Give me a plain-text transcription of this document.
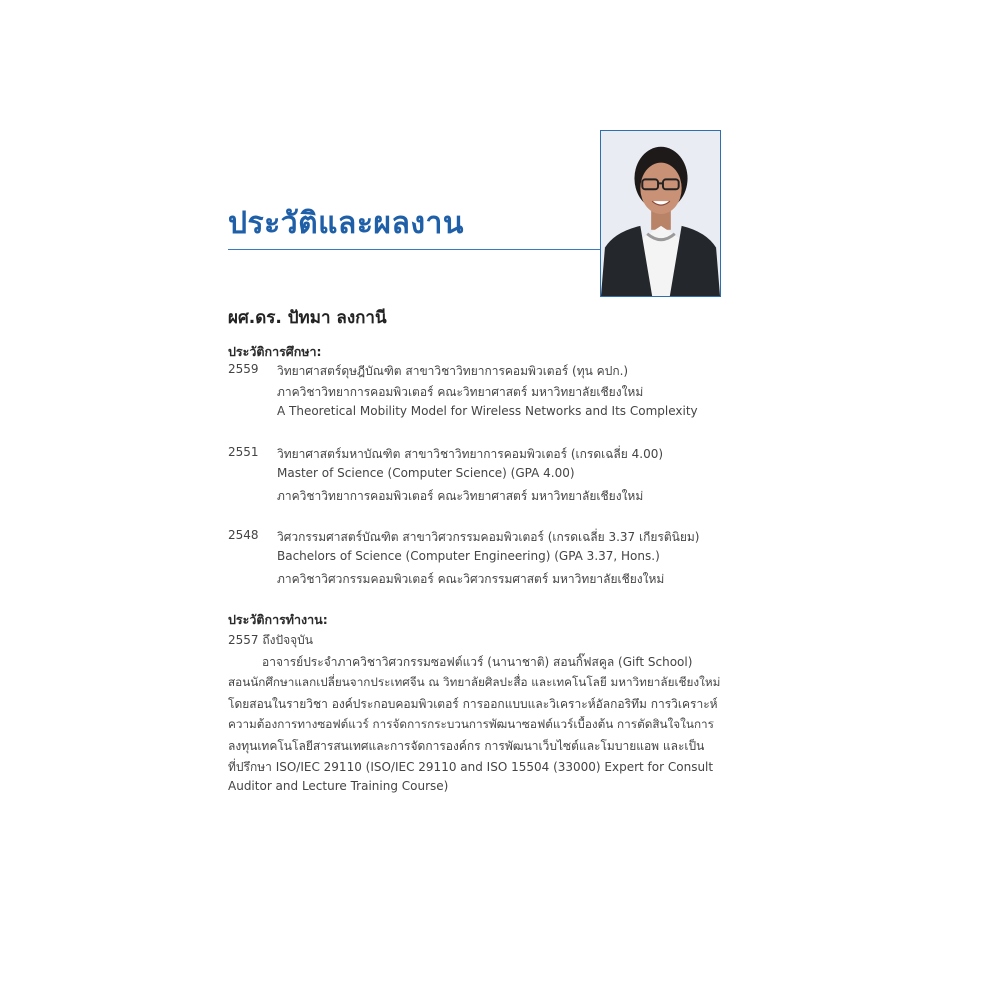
ประวัติและผลงาน
ผศ.ดร. ปัทมา ลงกานี
ประวัติการศึกษา:
2559 วิทยาศาสตร์ดุษฎีบัณฑิต สาขาวิชาวิทยาการคอมพิวเตอร์ (ทุน คปก.)
ภาควิชาวิทยาการคอมพิวเตอร์ คณะวิทยาศาสตร์ มหาวิทยาลัยเชียงใหม่
A Theoretical Mobility Model for Wireless Networks and Its Complexity
2551 วิทยาศาสตร์มหาบัณฑิต สาขาวิชาวิทยาการคอมพิวเตอร์ (เกรดเฉลี่ย 4.00)
Master of Science (Computer Science) (GPA 4.00)
ภาควิชาวิทยาการคอมพิวเตอร์ คณะวิทยาศาสตร์ มหาวิทยาลัยเชียงใหม่
2548 วิศวกรรมศาสตร์บัณฑิต สาขาวิศวกรรมคอมพิวเตอร์ (เกรดเฉลี่ย 3.37 เกียรตินิยม)
Bachelors of Science (Computer Engineering) (GPA 3.37, Hons.)
ภาควิชาวิศวกรรมคอมพิวเตอร์ คณะวิศวกรรมศาสตร์ มหาวิทยาลัยเชียงใหม่
ประวัติการทำงาน:
2557 ถึงปัจจุบัน
อาจารย์ประจำภาควิชาวิศวกรรมซอฟต์แวร์ (นานาชาติ) สอนกิ๊ฟสคูล (Gift School)
สอนนักศึกษาแลกเปลี่ยนจากประเทศจีน ณ วิทยาลัยศิลปะสื่อ และเทคโนโลยี มหาวิทยาลัยเชียงใหม่
โดยสอนในรายวิชา องค์ประกอบคอมพิวเตอร์ การออกแบบและวิเคราะห์อัลกอริทึม การวิเคราะห์
ความต้องการทางซอฟต์แวร์ การจัดการกระบวนการพัฒนาซอฟต์แวร์เบื้องต้น การตัดสินใจในการ
ลงทุนเทคโนโลยีสารสนเทศและการจัดการองค์กร การพัฒนาเว็บไซต์และโมบายแอพ และเป็น
ที่ปรึกษา ISO/IEC 29110 (ISO/IEC 29110 and ISO 15504 (33000) Expert for Consult
Auditor and Lecture Training Course)
